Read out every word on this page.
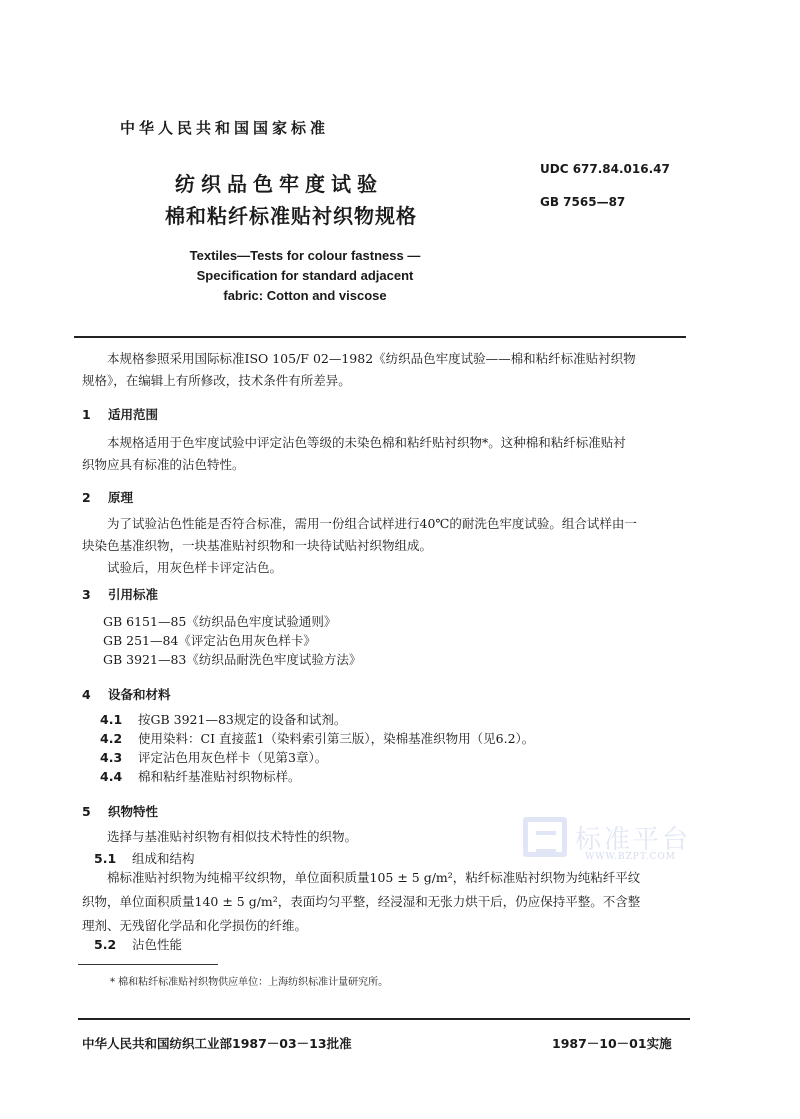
中华人民共和国国家标准
UDC 677.84.016.47
GB 7565—87
纺织品色牢度试验
棉和粘纤标准贴衬织物规格
Textiles—Tests for colour fastness —
Specification for standard adjacent
fabric: Cotton and viscose
本规格参照采用国际标准ISO 105/F 02—1982《纺织品色牢度试验——棉和粘纤标准贴衬织物
规格》，在编辑上有所修改，技术条件有所差异。
1 适用范围
本规格适用于色牢度试验中评定沾色等级的未染色棉和粘纤贴衬织物*。这种棉和粘纤标准贴衬
织物应具有标准的沾色特性。
2 原理
为了试验沾色性能是否符合标准，需用一份组合试样进行40℃的耐洗色牢度试验。组合试样由一
块染色基准织物，一块基准贴衬织物和一块待试贴衬织物组成。
试验后，用灰色样卡评定沾色。
3 引用标准
GB 6151—85《纺织品色牢度试验通则》
GB 251—84《评定沾色用灰色样卡》
GB 3921—83《纺织品耐洗色牢度试验方法》
4 设备和材料
4.1 按GB 3921—83规定的设备和试剂。
4.2 使用染料：CI 直接蓝1（染料索引第三版），染棉基准织物用（见6.2）。
4.3 评定沾色用灰色样卡（见第3章）。
4.4 棉和粘纤基准贴衬织物标样。
5 织物特性
选择与基准贴衬织物有相似技术特性的织物。
5.1 组成和结构
棉标准贴衬织物为纯棉平纹织物，单位面积质量105 ± 5 g/m²，粘纤标准贴衬织物为纯粘纤平纹
织物，单位面积质量140 ± 5 g/m²，表面均匀平整，经浸湿和无张力烘干后，仍应保持平整。不含整
理剂、无残留化学品和化学损伤的纤维。
5.2 沾色性能
标准平台
WWW.BZPT.COM
* 棉和粘纤标准贴衬织物供应单位：上海纺织标准计量研究所。
中华人民共和国纺织工业部1987－03－13批准	1987－10－01实施
